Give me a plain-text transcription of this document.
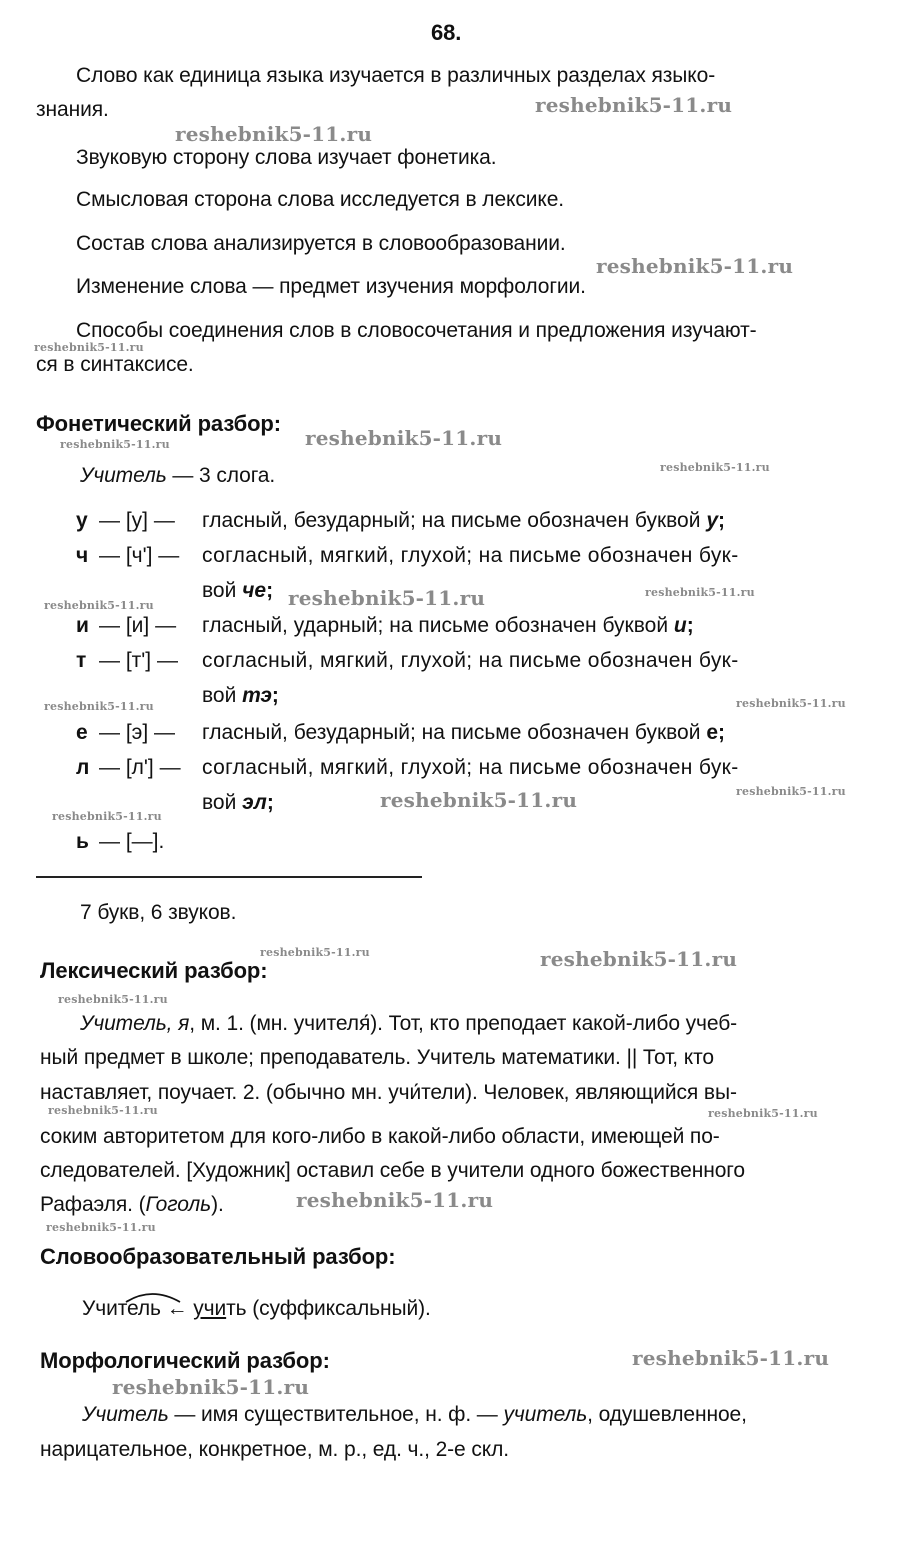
68.
Слово как единица языка изучается в различных разделах языко-
знания.
Звуковую сторону слова изучает фонетика.
Смысловая сторона слова исследуется в лексике.
Состав слова анализируется в словообразовании.
Изменение слова — предмет изучения морфологии.
Способы соединения слов в словосочетания и предложения изучают-
ся в синтаксисе.
Фонетический разбор:
Учитель — 3 слога.
у — [у] — гласный, безударный; на письме обозначен буквой у;
ч — [ч'] — согласный, мягкий, глухой; на письме обозначен бук-
вой че;
и — [и] — гласный, ударный; на письме обозначен буквой и;
т — [т'] — согласный, мягкий, глухой; на письме обозначен бук-
вой тэ;
е — [э] — гласный, безударный; на письме обозначен буквой е;
л — [л'] — согласный, мягкий, глухой; на письме обозначен бук-
вой эл;
ь — [—].
7 букв, 6 звуков.
Лексический разбор:
Учитель, я, м. 1. (мн. учителя́). Тот, кто преподает какой-либо учеб-
ный предмет в школе; преподаватель. Учитель математики. || Тот, кто
наставляет, поучает. 2. (обычно мн. учи́тели). Человек, являющийся вы-
соким авторитетом для кого-либо в какой-либо области, имеющей по-
следователей. [Художник] оставил себе в учители одного божественного
Рафаэля. (Гоголь).
Словообразовательный разбор:
Учитель ← учить (суффиксальный).
Морфологический разбор:
Учитель — имя существительное, н. ф. — учитель, одушевленное,
нарицательное, конкретное, м. р., ед. ч., 2-е скл.
reshebnik5-11.ru
reshebnik5-11.ru
reshebnik5-11.ru
reshebnik5-11.ru
reshebnik5-11.ru
reshebnik5-11.ru
reshebnik5-11.ru
reshebnik5-11.ru	reshebnik5-11.ru
reshebnik5-11.ru
reshebnik5-11.ru	reshebnik5-11.ru
reshebnik5-11.ru
reshebnik5-11.ru
reshebnik5-11.ru
reshebnik5-11.ru	reshebnik5-11.ru
reshebnik5-11.ru
reshebnik5-11.ru	reshebnik5-11.ru
reshebnik5-11.ru
reshebnik5-11.ru
reshebnik5-11.ru
reshebnik5-11.ru
